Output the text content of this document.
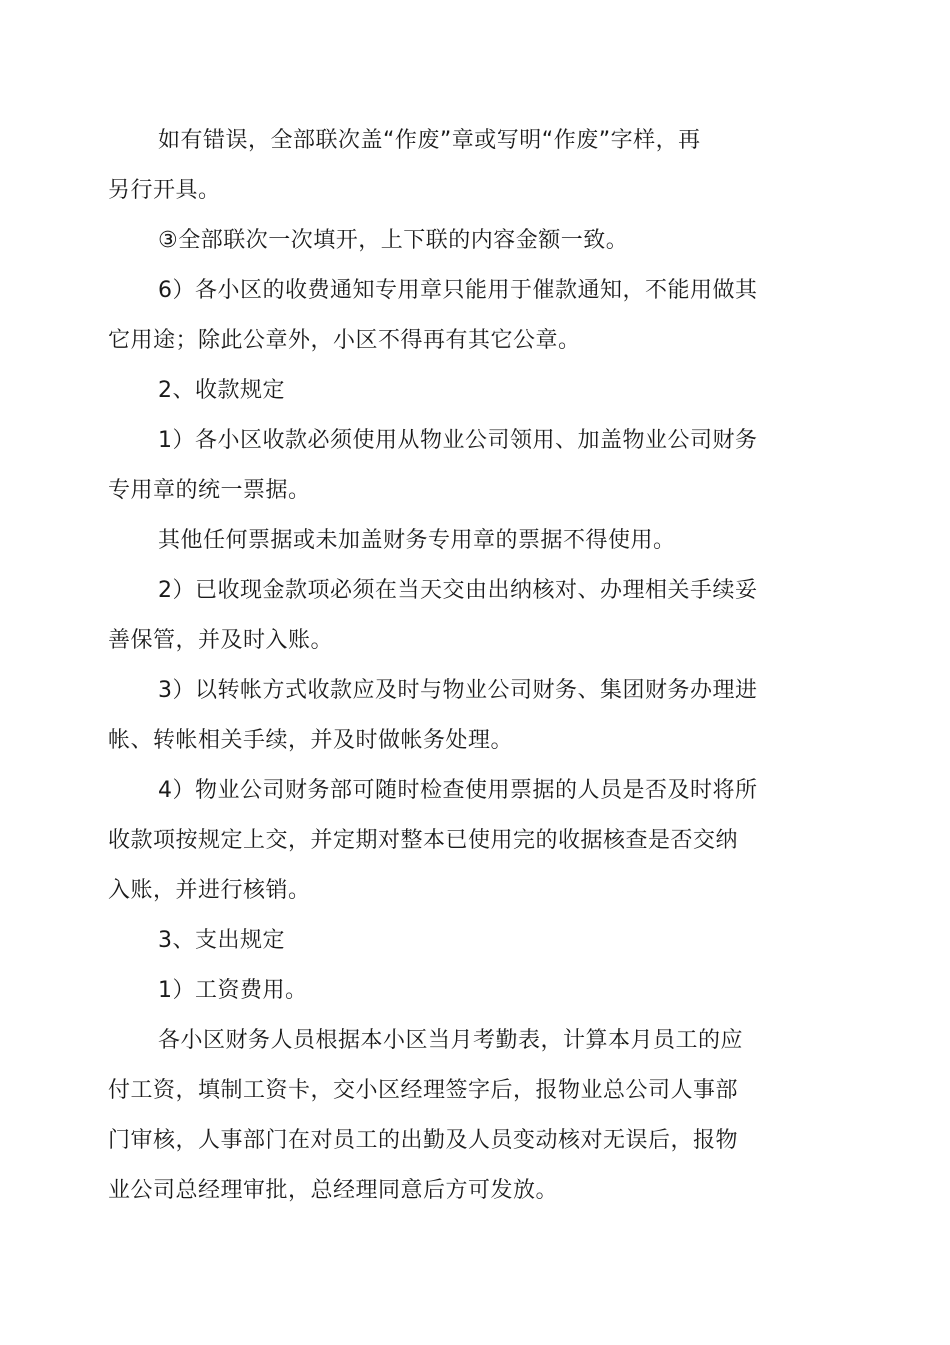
如有错误，全部联次盖“作废”章或写明“作废”字样，再

另行开具。

③全部联次一次填开，上下联的内容金额一致。

6）各小区的收费通知专用章只能用于催款通知，不能用做其

它用途；除此公章外，小区不得再有其它公章。

2、收款规定

1）各小区收款必须使用从物业公司领用、加盖物业公司财务

专用章的统一票据。

其他任何票据或未加盖财务专用章的票据不得使用。

2）已收现金款项必须在当天交由出纳核对、办理相关手续妥

善保管，并及时入账。

3）以转帐方式收款应及时与物业公司财务、集团财务办理进

帐、转帐相关手续，并及时做帐务处理。

4）物业公司财务部可随时检查使用票据的人员是否及时将所

收款项按规定上交，并定期对整本已使用完的收据核查是否交纳

入账，并进行核销。

3、支出规定

1）工资费用。

各小区财务人员根据本小区当月考勤表，计算本月员工的应

付工资，填制工资卡，交小区经理签字后，报物业总公司人事部

门审核，人事部门在对员工的出勤及人员变动核对无误后，报物

业公司总经理审批，总经理同意后方可发放。
